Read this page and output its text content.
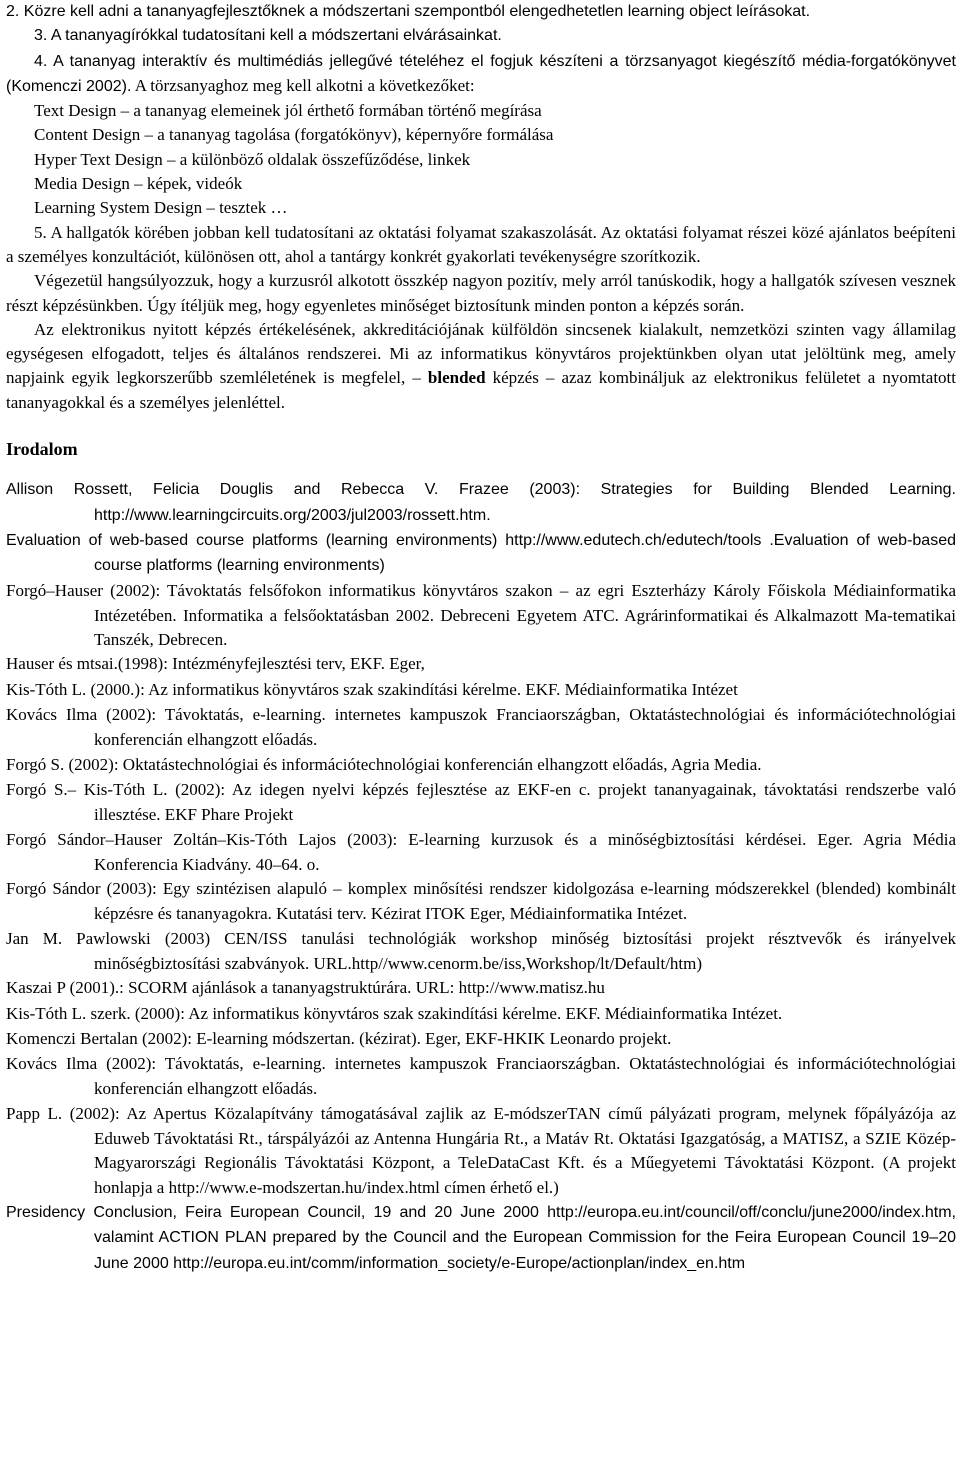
2. Közre kell adni a tananyagfejlesztőknek a módszertani szempontból elengedhetetlen learning object leírásokat.

3. A tananyagírókkal tudatosítani kell a módszertani elvárásainkat.

4. A tananyag interaktív és multimédiás jellegűvé tételéhez el fogjuk készíteni a törzsanyagot kiegészítő média-forgatókönyvet (Komenczi 2002). A törzsanyaghoz meg kell alkotni a következőket:

Text Design – a tananyag elemeinek jól érthető formában történő megírása

Content Design – a tananyag tagolása (forgatókönyv), képernyőre formálása

Hyper Text Design – a különböző oldalak összefűződése, linkek

Media Design – képek, videók

Learning System Design – tesztek …

5. A hallgatók körében jobban kell tudatosítani az oktatási folyamat szakaszolását. Az oktatási folyamat részei közé ajánlatos beépíteni a személyes konzultációt, különösen ott, ahol a tantárgy konkrét gyakorlati tevékenységre szorítkozik.

Végezetül hangsúlyozzuk, hogy a kurzusról alkotott összkép nagyon pozitív, mely arról tanúskodik, hogy a hallgatók szívesen vesznek részt képzésünkben. Úgy ítéljük meg, hogy egyenletes minőséget biztosítunk minden ponton a képzés során.

Az elektronikus nyitott képzés értékelésének, akkreditációjának külföldön sincsenek kialakult, nemzetközi szinten vagy államilag egységesen elfogadott, teljes és általános rendszerei. Mi az informatikus könyvtáros projektünkben olyan utat jelöltünk meg, amely napjaink egyik legkorszerűbb szemléletének is megfelel, – blended képzés – azaz kombináljuk az elektronikus felületet a nyomtatott tananyagokkal és a személyes jelenléttel.

Irodalom

Allison Rossett, Felicia Douglis and Rebecca V. Frazee (2003): Strategies for Building Blended Learning. http://www.learningcircuits.org/2003/jul2003/rossett.htm.

Evaluation of web-based course platforms (learning environments) http://www.edutech.ch/edutech/tools .Evaluation of web-based course platforms (learning environments)

Forgó–Hauser (2002): Távoktatás felsőfokon informatikus könyvtáros szakon – az egri Eszterházy Károly Főiskola Médiainformatika Intézetében. Informatika a felsőoktatásban 2002. Debreceni Egyetem ATC. Agrárinformatikai és Alkalmazott Ma-tematikai Tanszék, Debrecen.

Hauser és mtsai.(1998): Intézményfejlesztési terv, EKF. Eger,

Kis-Tóth L. (2000.): Az informatikus könyvtáros szak szakindítási kérelme. EKF. Médiainformatika Intézet

Kovács Ilma (2002): Távoktatás, e-learning. internetes kampuszok Franciaországban, Oktatástechnológiai és információtechnológiai konferencián elhangzott előadás.

Forgó S. (2002): Oktatástechnológiai és információtechnológiai konferencián elhangzott előadás, Agria Media.

Forgó S.– Kis-Tóth L. (2002): Az idegen nyelvi képzés fejlesztése az EKF-en c. projekt tananyagainak, távoktatási rendszerbe való illesztése. EKF Phare Projekt

Forgó Sándor–Hauser Zoltán–Kis-Tóth Lajos (2003): E-learning kurzusok és a minőségbiztosítási kérdései. Eger. Agria Média Konferencia Kiadvány. 40–64. o.

Forgó Sándor (2003): Egy szintézisen alapuló – komplex minősítési rendszer kidolgozása e-learning módszerekkel (blended) kombinált képzésre és tananyagokra. Kutatási terv. Kézirat ITOK Eger, Médiainformatika Intézet.

Jan M. Pawlowski (2003) CEN/ISS tanulási technológiák workshop minőség biztosítási projekt résztvevők és irányelvek minőségbiztosítási szabványok. URL.http//www.cenorm.be/iss,Workshop/lt/Default/htm)

Kaszai P (2001).: SCORM ajánlások a tananyagstruktúrára. URL: http://www.matisz.hu

Kis-Tóth L. szerk. (2000): Az informatikus könyvtáros szak szakindítási kérelme. EKF. Médiainformatika Intézet.

Komenczi Bertalan (2002): E-learning módszertan. (kézirat). Eger, EKF-HKIK Leonardo projekt.

Kovács Ilma (2002): Távoktatás, e-learning. internetes kampuszok Franciaországban. Oktatástechnológiai és információtechnológiai konferencián elhangzott előadás.

Papp L. (2002): Az Apertus Közalapítvány támogatásával zajlik az E-módszerTAN című pályázati program, melynek főpályázója az Eduweb Távoktatási Rt., társpályázói az Antenna Hungária Rt., a Matáv Rt. Oktatási Igazgatóság, a MATISZ, a SZIE Közép-Magyarországi Regionális Távoktatási Központ, a TeleDataCast Kft. és a Műegyetemi Távoktatási Központ. (A projekt honlapja a http://www.e-modszertan.hu/index.html címen érhető el.)

Presidency Conclusion, Feira European Council, 19 and 20 June 2000 http://europa.eu.int/council/off/conclu/june2000/index.htm, valamint ACTION PLAN prepared by the Council and the European Commission for the Feira European Council 19–20 June 2000 http://europa.eu.int/comm/information_society/e-Europe/actionplan/index_en.htm
